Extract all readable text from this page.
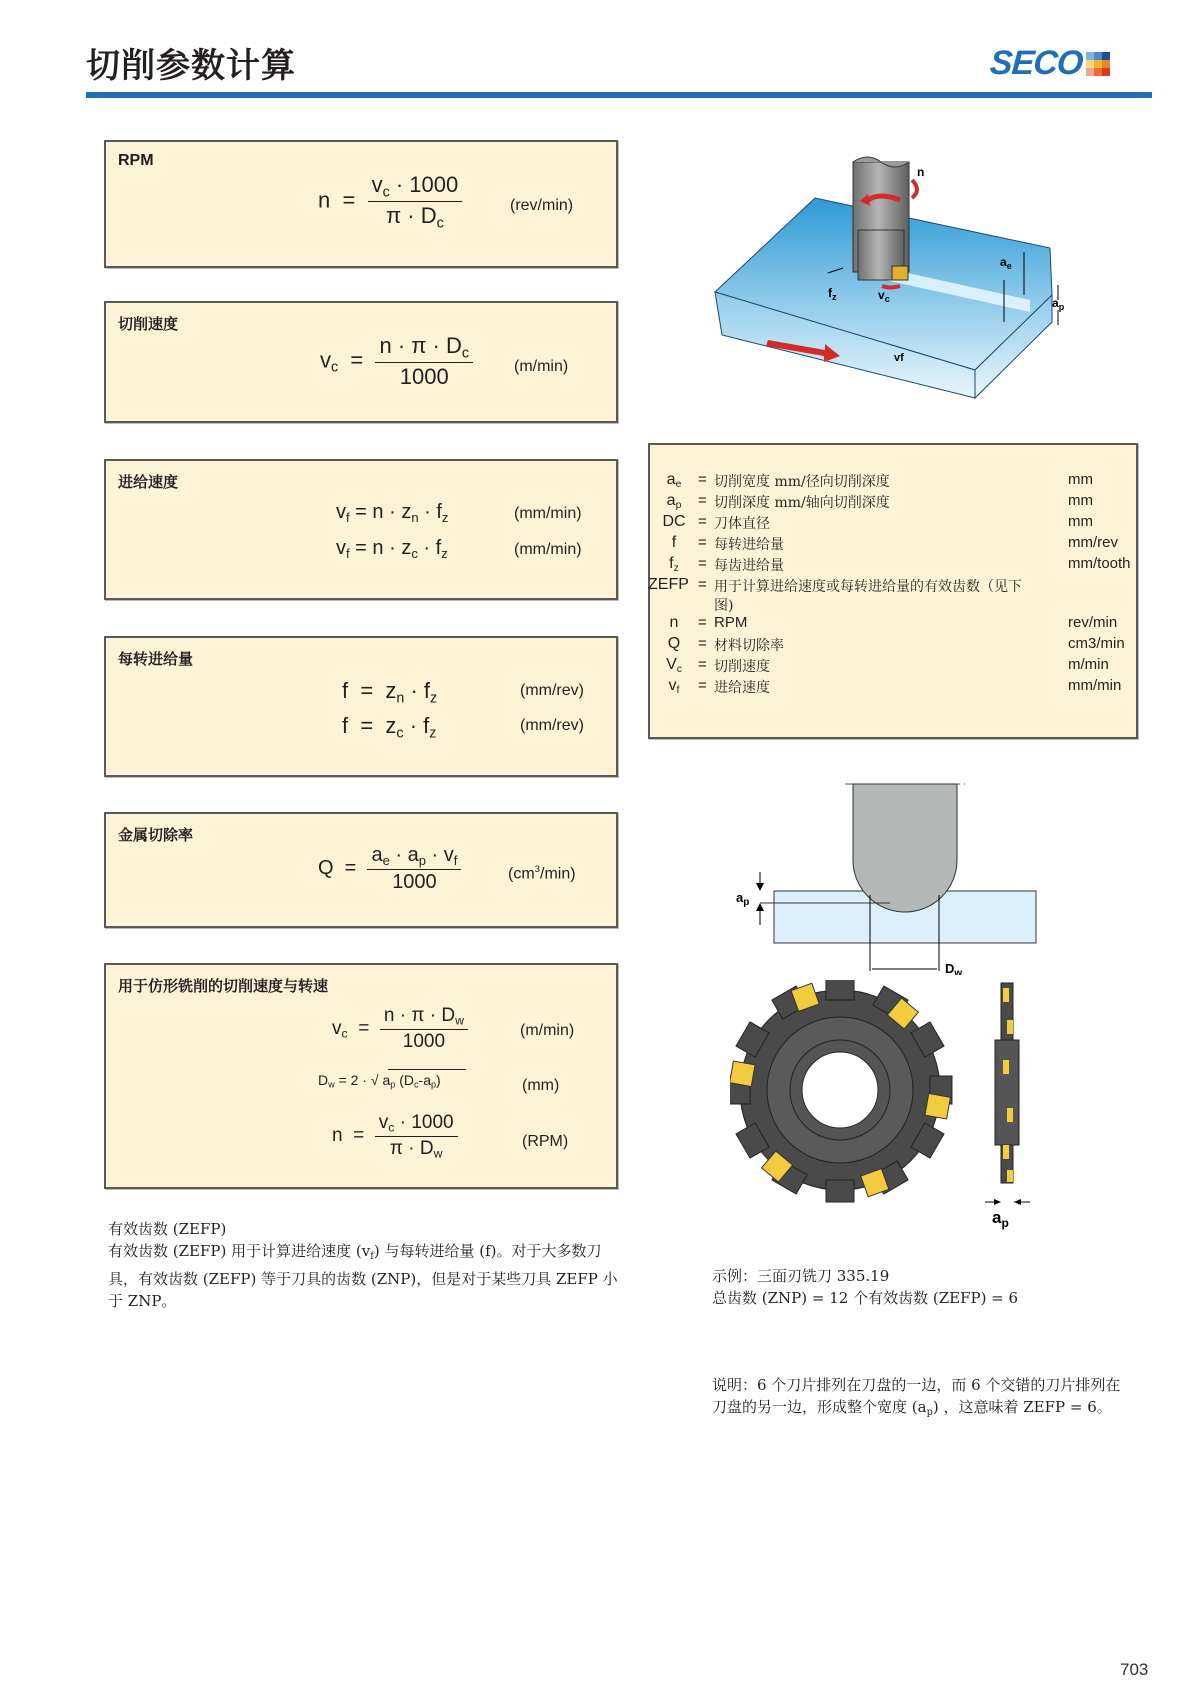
切削参数计算	SECO
RPM
$n = \frac{v_c \cdot 1000}{\pi \cdot D_c}$	(rev/min)
切削速度
$v_c = \frac{n \cdot \pi \cdot D_c}{1000}$	(m/min)
进给速度
$v_f = n \cdot z_n \cdot f_z$	(mm/min)
$v_f = n \cdot z_c \cdot f_z$	(mm/min)
每转进给量
$f = z_n \cdot f_z$	(mm/rev)
$f = z_c \cdot f_z$	(mm/rev)
金属切除率
$Q = \frac{a_e \cdot a_p \cdot v_f}{1000}$	$(cm^3/\min)$
用于仿形铣削的切削速度与转速
$v_c = \frac{n \cdot \pi \cdot D_w}{1000}$	(m/min)
$D_w = 2$ · √ $a_p$ $(D_c-a_p)$	(mm)
$n = \frac{v_c \cdot 1000}{\pi \cdot D_w}$	(RPM)
有效齿数 (ZEFP)
有效齿数 (ZEFP) 用于计算进给速度 $(v_f)$ 与每转进给量 (f)。对于大多数刀
具，有效齿数 (ZEFP) 等于刀具的齿数 (ZNP)，但是对于某些刀具 ZEFP 小
于 ZNP。
n
$f_z$	$v_c$
$a_e$
$a_p$
vf
$a_e$	= 切削宽度 mm/径向切削深度	mm
$a_p$	= 切削深度 mm/轴向切削深度	mm
DC = 刀体直径	mm
f	= 每转进给量	mm/rev
$f_z$	= 每齿进给量	mm/tooth
ZEFP = 用于计算进给速度或每转进给量的有效齿数（见下
图)
n	= RPM	rev/min
Q	= 材料切除率	cm3/min
$V_c$	= 切削速度	m/min
$v_f$	= 进给速度	mm/min
$a_p$
$D_w$
$a_p$
示例：三面刃铣刀 335.19
总齿数 (ZNP) = 12 个有效齿数 (ZEFP) = 6
说明：6 个刀片排列在刀盘的一边，而 6 个交错的刀片排列在
刀盘的另一边，形成整个宽度 $(a_p)$ ，这意味着 ZEFP = 6。
703
